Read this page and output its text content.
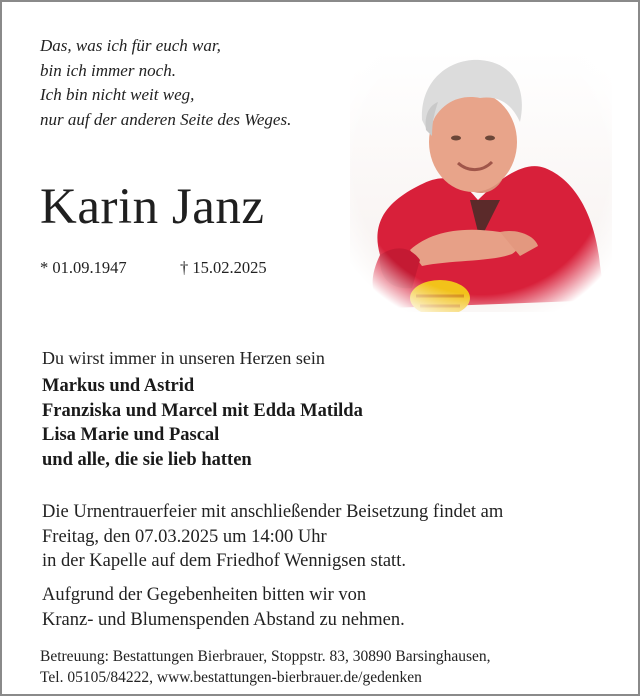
Das, was ich für euch war,
bin ich immer noch.
Ich bin nicht weit weg,
nur auf der anderen Seite des Weges.
Karin Janz
* 01.09.1947	† 15.02.2025
Du wirst immer in unseren Herzen sein
Markus und Astrid
Franziska und Marcel mit Edda Matilda
Lisa Marie und Pascal
und alle, die sie lieb hatten
Die Urnentrauerfeier mit anschließender Beisetzung findet am
Freitag, den 07.03.2025 um 14:00 Uhr
in der Kapelle auf dem Friedhof Wennigsen statt.
Aufgrund der Gegebenheiten bitten wir von
Kranz- und Blumenspenden Abstand zu nehmen.
Betreuung: Bestattungen Bierbrauer, Stoppstr. 83, 30890 Barsinghausen,
Tel. 05105/84222, www.bestattungen-bierbrauer.de/gedenken
